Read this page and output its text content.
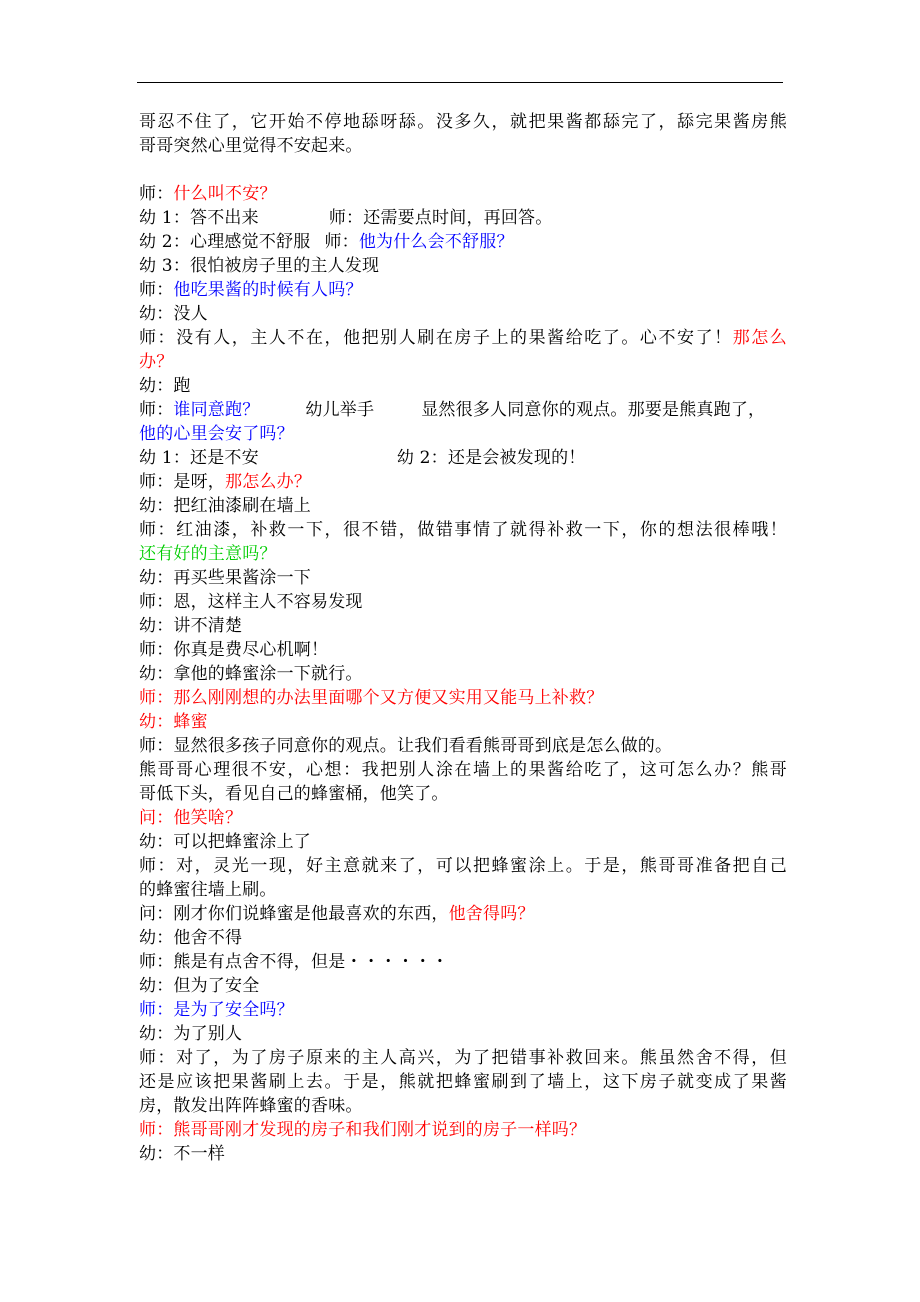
哥忍不住了，它开始不停地舔呀舔。没多久，就把果酱都舔完了，舔完果酱房熊
哥哥突然心里觉得不安起来。
师：什么叫不安？
幼 1：答不出来	师：还需要点时间，再回答。
幼 2：心理感觉不舒服 师：他为什么会不舒服？
幼 3：很怕被房子里的主人发现
师：他吃果酱的时候有人吗？
幼：没人
师：没有人，主人不在，他把别人刷在房子上的果酱给吃了。心不安了！那怎么
办？
幼：跑
师：谁同意跑？	幼儿举手	显然很多人同意你的观点。那要是熊真跑了，
他的心里会安了吗？
幼 1：还是不安	幼 2：还是会被发现的！
师：是呀，那怎么办？
幼：把红油漆刷在墙上
师：红油漆，补救一下，很不错，做错事情了就得补救一下，你的想法很棒哦！
还有好的主意吗？
幼：再买些果酱涂一下
师：恩，这样主人不容易发现
幼：讲不清楚
师：你真是费尽心机啊！
幼：拿他的蜂蜜涂一下就行。
师：那么刚刚想的办法里面哪个又方便又实用又能马上补救？
幼：蜂蜜
师：显然很多孩子同意你的观点。让我们看看熊哥哥到底是怎么做的。
熊哥哥心理很不安，心想：我把别人涂在墙上的果酱给吃了，这可怎么办？熊哥
哥低下头，看见自己的蜂蜜桶，他笑了。
问：他笑啥？
幼：可以把蜂蜜涂上了
师：对，灵光一现，好主意就来了，可以把蜂蜜涂上。于是，熊哥哥准备把自己
的蜂蜜往墙上刷。
问：刚才你们说蜂蜜是他最喜欢的东西，他舍得吗？
幼：他舍不得
师：熊是有点舍不得，但是・・・・・・
幼：但为了安全
师：是为了安全吗？
幼：为了别人
师：对了，为了房子原来的主人高兴，为了把错事补救回来。熊虽然舍不得，但
还是应该把果酱刷上去。于是，熊就把蜂蜜刷到了墙上，这下房子就变成了果酱
房，散发出阵阵蜂蜜的香味。
师：熊哥哥刚才发现的房子和我们刚才说到的房子一样吗？
幼：不一样
